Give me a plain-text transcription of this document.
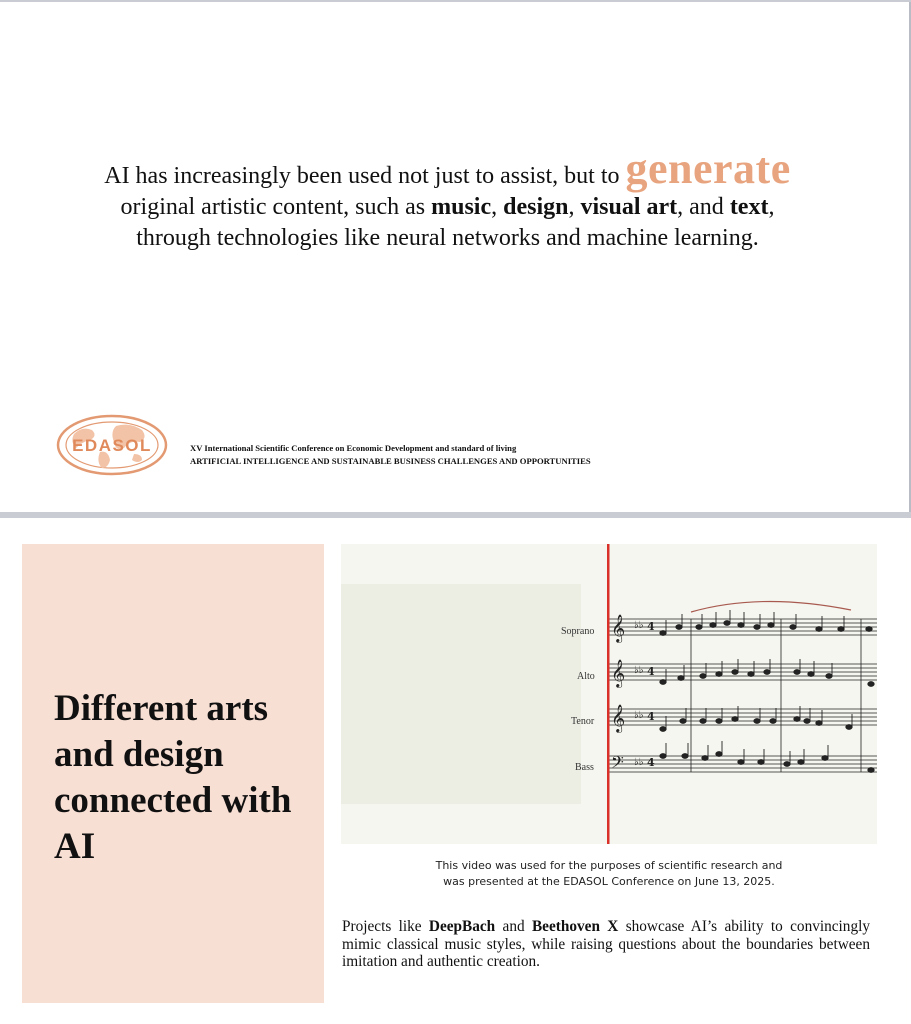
AI has increasingly been used not just to assist, but to generate
original artistic content, such as music, design, visual art, and text,
through technologies like neural networks and machine learning.
EDASOL	XV International Scientific Conference on Economic Development and standard of living
ARTIFICIAL INTELLIGENCE AND SUSTAINABLE BUSINESS CHALLENGES AND OPPORTUNITIES
Different arts and design connected with AI
Soprano
Alto
Tenor
Bass
𝄞
𝄞
𝄞
𝄢
♭♭
♭♭
♭♭
♭♭
4
4
4
4
This video was used for the purposes of scientific research and
was presented at the EDASOL Conference on June 13, 2025.
Projects like DeepBach and Beethoven X showcase AI’s ability to convincingly mimic classical music styles, while raising questions about the boundaries between imitation and authentic creation.
